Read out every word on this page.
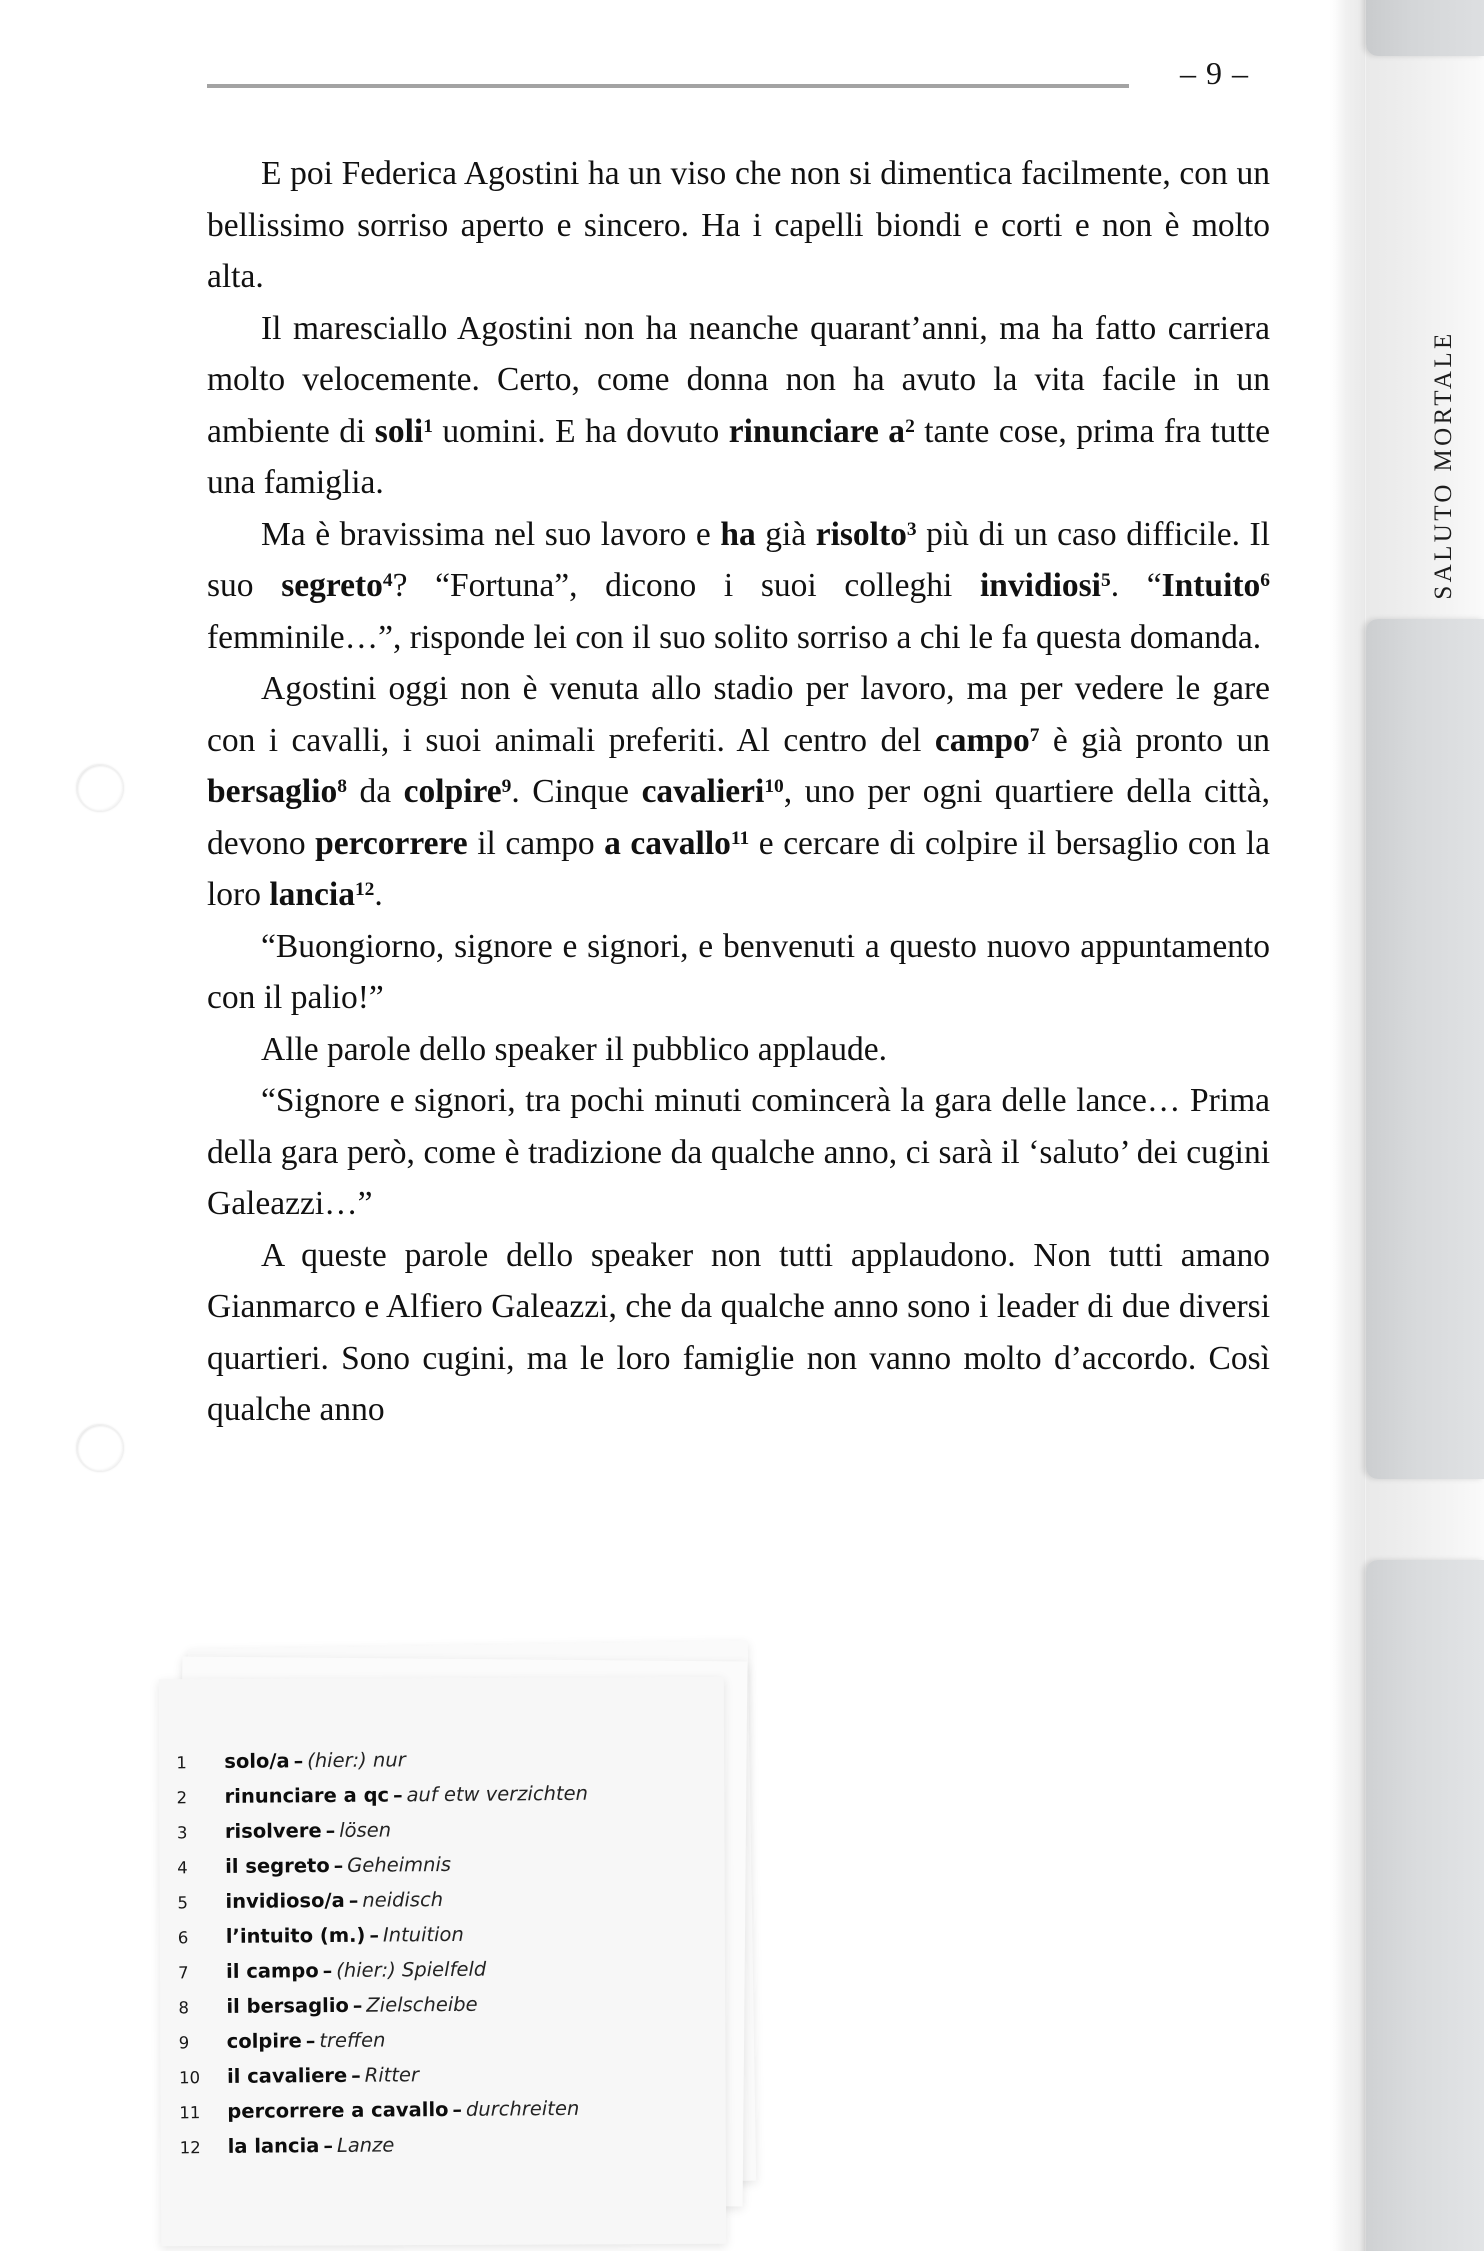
SALUTO MORTALE
– 9 –

E poi Federica Agostini ha un viso che non si dimentica facilmente, con un bellissimo sorriso aperto e sincero. Ha i capelli biondi e corti e non è molto alta.

Il maresciallo Agostini non ha neanche quarant’anni, ma ha fatto carriera molto velocemente. Certo, come donna non ha avuto la vita facile in un ambiente di soli$^1$ uomini. E ha dovuto rinunciare $a^2$ tante cose, prima fra tutte una famiglia.

Ma è bravissima nel suo lavoro e ha già risolto$^3$ più di un caso difficile. Il suo segreto$^4$? “Fortuna”, dicono i suoi colleghi invidiosi$^5$. “Intuito$^6$ femminile…”, risponde lei con il suo solito sorriso a chi le fa questa domanda.

Agostini oggi non è venuta allo stadio per lavoro, ma per vedere le gare con i cavalli, i suoi animali preferiti. Al centro del campo$^7$ è già pronto un bersaglio$^8$ da colpire$^9$. Cinque cavalieri$^{10}$, uno per ogni quartiere della città, devono percorrere il campo a cavallo$^{11}$ e cercare di colpire il bersaglio con la loro lancia$^{12}$.

“Buongiorno, signore e signori, e benvenuti a questo nuovo appuntamento con il palio!”

Alle parole dello speaker il pubblico applaude.

“Signore e signori, tra pochi minuti comincerà la gara delle lance… Prima della gara però, come è tradizione da qualche anno, ci sarà il ‘saluto’ dei cugini Galeazzi…”

A queste parole dello speaker non tutti applaudono. Non tutti amano Gianmarco e Alfiero Galeazzi, che da qualche anno sono i leader di due diversi quartieri. Sono cugini, ma le loro famiglie non vanno molto d’accordo. Così qualche anno

1	solo/a – (hier:) nur
2	rinunciare a qc – auf etw verzichten
3	risolvere – lösen
4	il segreto – Geheimnis
5	invidioso/a – neidisch
6	l’intuito (m.) – Intuition
7	il campo – (hier:) Spielfeld
8	il bersaglio – Zielscheibe
9	colpire – treffen
10	il cavaliere – Ritter
11	percorrere a cavallo – durchreiten
12	la lancia – Lanze
